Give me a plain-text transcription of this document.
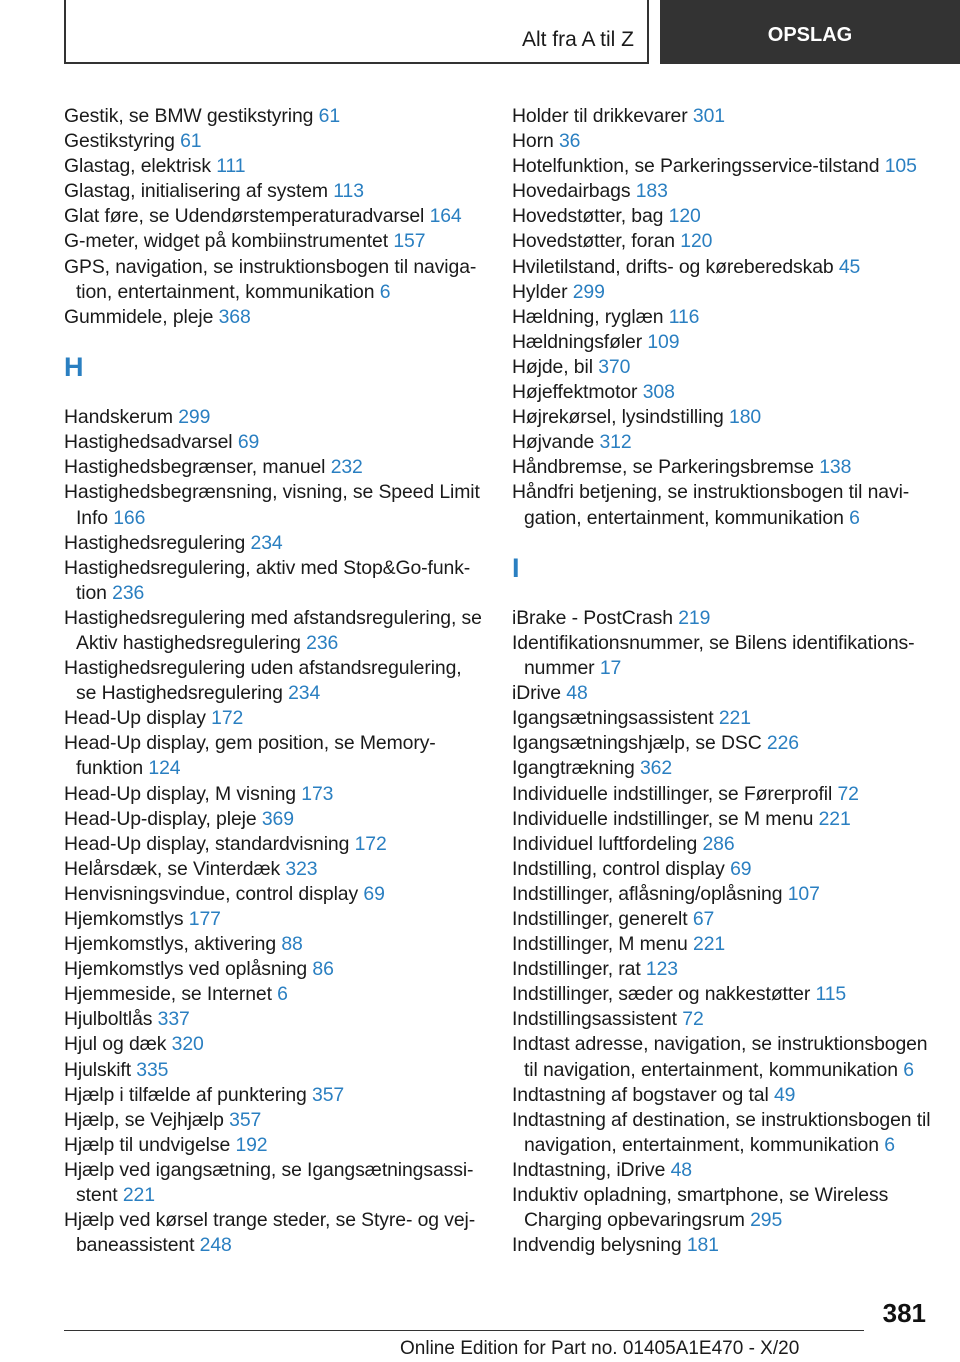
Alt fra A til Z	OPSLAG
Gestik, se BMW gestikstyring 61
Gestikstyring 61
Glastag, elektrisk 111
Glastag, initialisering af system 113
Glat føre, se Udendørstemperaturadvarsel 164
G-meter, widget på kombiinstrumentet 157
GPS, navigation, se instruktionsbogen til naviga‐tion, entertainment, kommunikation 6
Gummidele, pleje 368
H
Handskerum 299
Hastighedsadvarsel 69
Hastighedsbegrænser, manuel 232
Hastighedsbegrænsning, visning, se Speed Limit Info 166
Hastighedsregulering 234
Hastighedsregulering, aktiv med Stop&Go-funk‐tion 236
Hastighedsregulering med afstandsregulering, se Aktiv hastighedsregulering 236
Hastighedsregulering uden afstandsregulering, se Hastighedsregulering 234
Head-Up display 172
Head-Up display, gem position, se Memory-funktion 124
Head-Up display, M visning 173
Head-Up-display, pleje 369
Head-Up display, standardvisning 172
Helårsdæk, se Vinterdæk 323
Henvisningsvindue, control display 69
Hjemkomstlys 177
Hjemkomstlys, aktivering 88
Hjemkomstlys ved oplåsning 86
Hjemmeside, se Internet 6
Hjulboltlås 337
Hjul og dæk 320
Hjulskift 335
Hjælp i tilfælde af punktering 357
Hjælp, se Vejhjælp 357
Hjælp til undvigelse 192
Hjælp ved igangsætning, se Igangsætningsassi‐stent 221
Hjælp ved kørsel trange steder, se Styre- og vej‐baneassistent 248
Holder til drikkevarer 301
Horn 36
Hotelfunktion, se Parkeringsservice-tilstand 105
Hovedairbags 183
Hovedstøtter, bag 120
Hovedstøtter, foran 120
Hviletilstand, drifts- og køreberedskab 45
Hylder 299
Hældning, ryglæn 116
Hældningsføler 109
Højde, bil 370
Højeffektmotor 308
Højrekørsel, lysindstilling 180
Højvande 312
Håndbremse, se Parkeringsbremse 138
Håndfri betjening, se instruktionsbogen til navi‐gation, entertainment, kommunikation 6
I
iBrake - PostCrash 219
Identifikationsnummer, se Bilens identifikations‐nummer 17
iDrive 48
Igangsætningsassistent 221
Igangsætningshjælp, se DSC 226
Igangtrækning 362
Individuelle indstillinger, se Førerprofil 72
Individuelle indstillinger, se M menu 221
Individuel luftfordeling 286
Indstilling, control display 69
Indstillinger, aflåsning/oplåsning 107
Indstillinger, generelt 67
Indstillinger, M menu 221
Indstillinger, rat 123
Indstillinger, sæder og nakkestøtter 115
Indstillingsassistent 72
Indtast adresse, navigation, se instruktionsbogen til navigation, entertainment, kommunikation 6
Indtastning af bogstaver og tal 49
Indtastning af destination, se instruktionsbogen til navigation, entertainment, kommunikation 6
Indtastning, iDrive 48
Induktiv opladning, smartphone, se Wireless Charging opbevaringsrum 295
Indvendig belysning 181
381
Online Edition for Part no. 01405A1E470 - X/20
